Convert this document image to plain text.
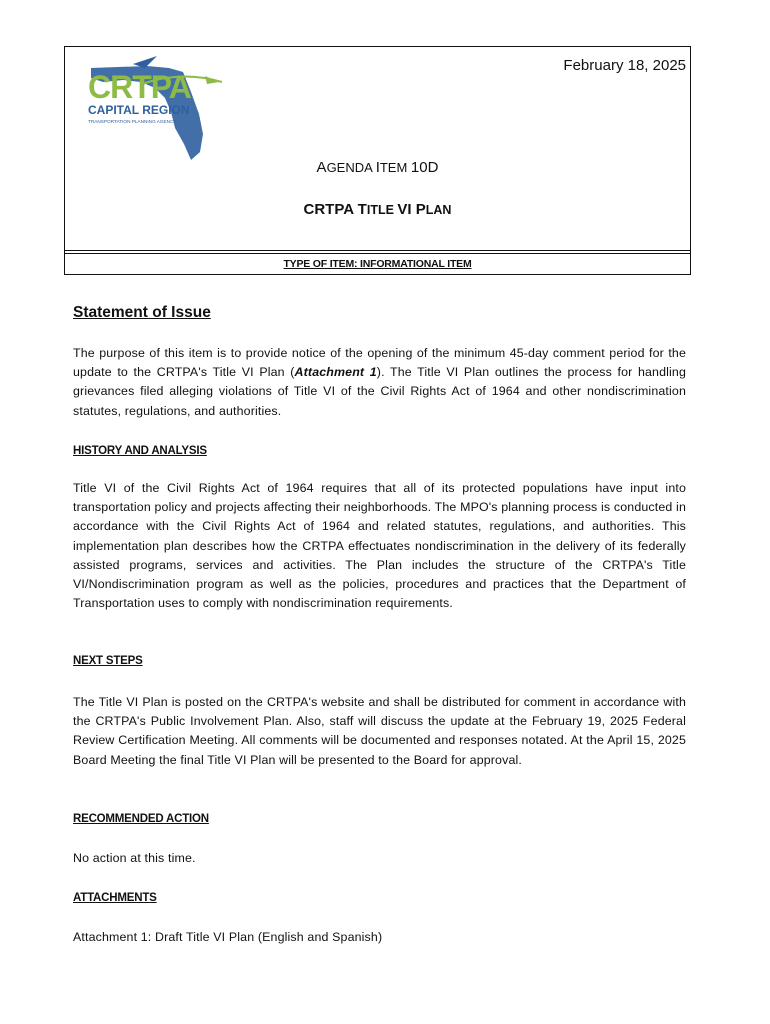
February 18, 2025
CRTPA
CAPITAL REGION
TRANSPORTATION PLANNING AGENCY
AGENDA ITEM 10D
CRTPA TITLE VI PLAN
TYPE OF ITEM: INFORMATIONAL ITEM
Statement of Issue

The purpose of this item is to provide notice of the opening of the minimum 45-day comment period for the update to the CRTPA's Title VI Plan (Attachment 1). The Title VI Plan outlines the process for handling grievances filed alleging violations of Title VI of the Civil Rights Act of 1964 and other nondiscrimination statutes, regulations, and authorities.

HISTORY AND ANALYSIS

Title VI of the Civil Rights Act of 1964 requires that all of its protected populations have input into transportation policy and projects affecting their neighborhoods. The MPO's planning process is conducted in accordance with the Civil Rights Act of 1964 and related statutes, regulations, and authorities. This implementation plan describes how the CRTPA effectuates nondiscrimination in the delivery of its federally assisted programs, services and activities. The Plan includes the structure of the CRTPA's Title VI/Nondiscrimination program as well as the policies, procedures and practices that the Department of Transportation uses to comply with nondiscrimination requirements.

NEXT STEPS

The Title VI Plan is posted on the CRTPA's website and shall be distributed for comment in accordance with the CRTPA's Public Involvement Plan. Also, staff will discuss the update at the February 19, 2025 Federal Review Certification Meeting. All comments will be documented and responses notated. At the April 15, 2025 Board Meeting the final Title VI Plan will be presented to the Board for approval.

RECOMMENDED ACTION

No action at this time.

ATTACHMENTS

Attachment 1: Draft Title VI Plan (English and Spanish)
